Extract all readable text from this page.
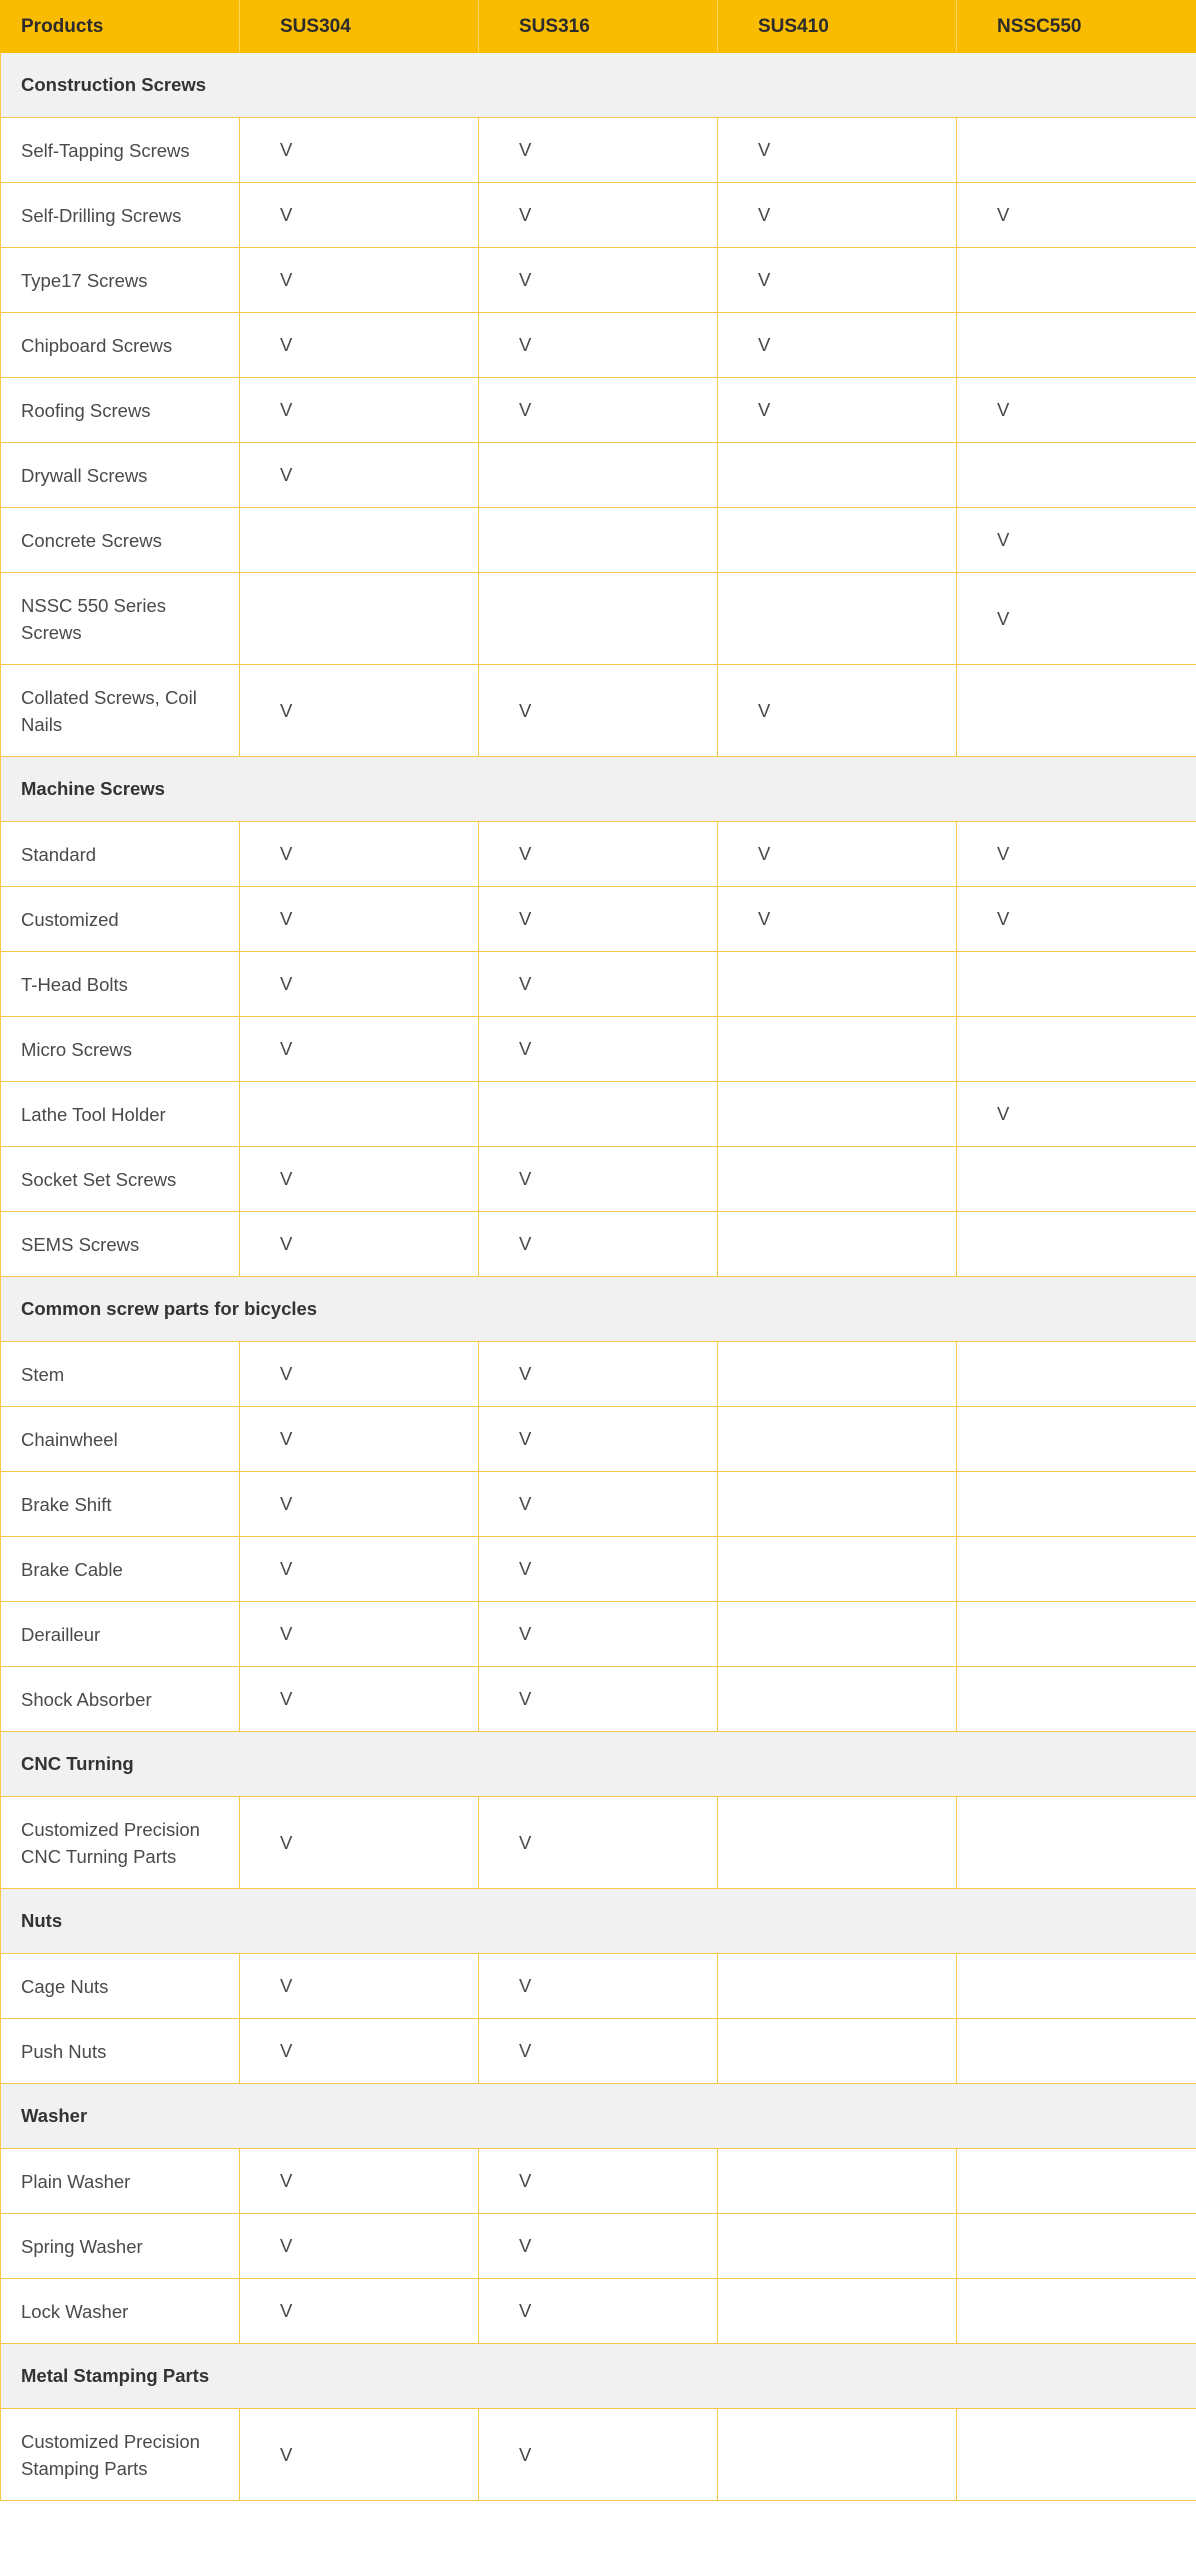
Products	SUS304	SUS316	SUS410	NSSC550
Construction Screws				
Self-Tapping Screws	V	V	V	
Self-Drilling Screws	V	V	V	V
Type17 Screws	V	V	V	
Chipboard Screws	V	V	V	
Roofing Screws	V	V	V	V
Drywall Screws	V			
Concrete Screws				V
NSSC 550 Series Screws				V
Collated Screws, Coil Nails	V	V	V	
Machine Screws				
Standard	V	V	V	V
Customized	V	V	V	V
T-Head Bolts	V	V		
Micro Screws	V	V		
Lathe Tool Holder				V
Socket Set Screws	V	V		
SEMS Screws	V	V		
Common screw parts for bicycles				
Stem	V	V		
Chainwheel	V	V		
Brake Shift	V	V		
Brake Cable	V	V		
Derailleur	V	V		
Shock Absorber	V	V		
CNC Turning				
Customized Precision CNC Turning Parts	V	V		
Nuts				
Cage Nuts	V	V		
Push Nuts	V	V		
Washer				
Plain Washer	V	V		
Spring Washer	V	V		
Lock Washer	V	V		
Metal Stamping Parts				
Customized Precision Stamping Parts	V	V		
